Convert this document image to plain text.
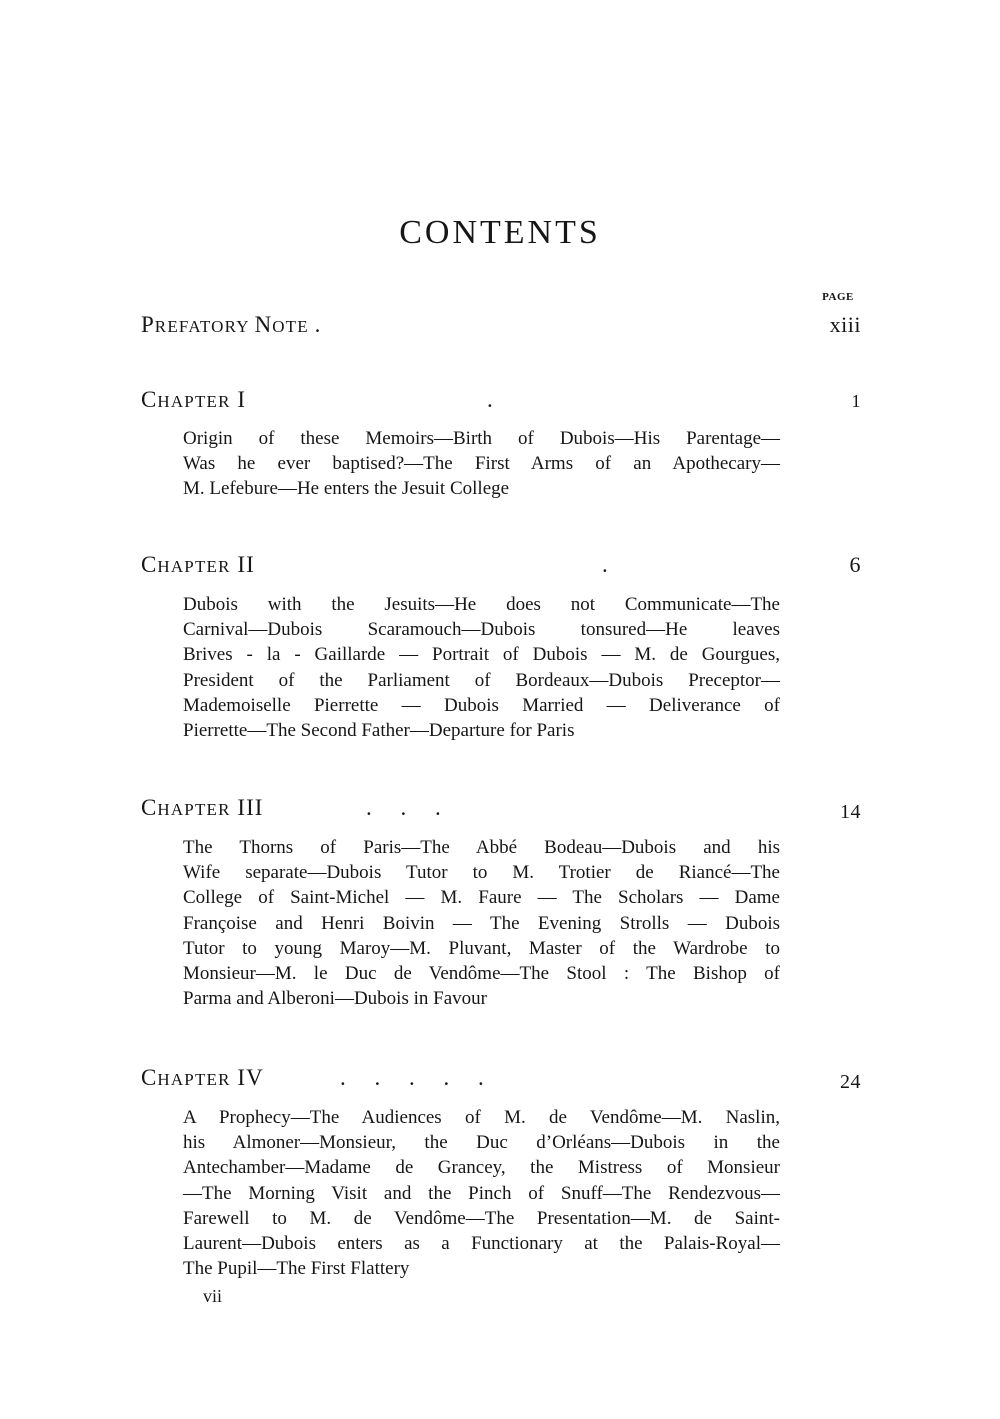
CONTENTS
PAGE
PREFATORY NOTE .	xiii
CHAPTER I	.	1
Origin of these Memoirs—Birth of Dubois—His Parentage—
Was he ever baptised?—The First Arms of an Apothecary—
M. Lefebure—He enters the Jesuit College
CHAPTER II	.	6
Dubois with the Jesuits—He does not Communicate—The
Carnival—Dubois Scaramouch—Dubois tonsured—He leaves
Brives - la - Gaillarde — Portrait of Dubois — M. de Gourgues,
President of the Parliament of Bordeaux—Dubois Preceptor—
Mademoiselle Pierrette — Dubois Married — Deliverance of
Pierrette—The Second Father—Departure for Paris
CHAPTER III	.     .     .	14
The Thorns of Paris—The Abbé Bodeau—Dubois and his
Wife separate—Dubois Tutor to M. Trotier de Riancé—The
College of Saint-Michel — M. Faure — The Scholars — Dame
Françoise and Henri Boivin — The Evening Strolls — Dubois
Tutor to young Maroy—M. Pluvant, Master of the Wardrobe to
Monsieur—M. le Duc de Vendôme—The Stool : The Bishop of
Parma and Alberoni—Dubois in Favour
CHAPTER IV	.     .     .     .     .	24
A Prophecy—The Audiences of M. de Vendôme—M. Naslin,
his Almoner—Monsieur, the Duc d’Orléans—Dubois in the
Antechamber—Madame de Grancey, the Mistress of Monsieur
—The Morning Visit and the Pinch of Snuff—The Rendezvous—
Farewell to M. de Vendôme—The Presentation—M. de Saint-
Laurent—Dubois enters as a Functionary at the Palais-Royal—
The Pupil—The First Flattery
vii
